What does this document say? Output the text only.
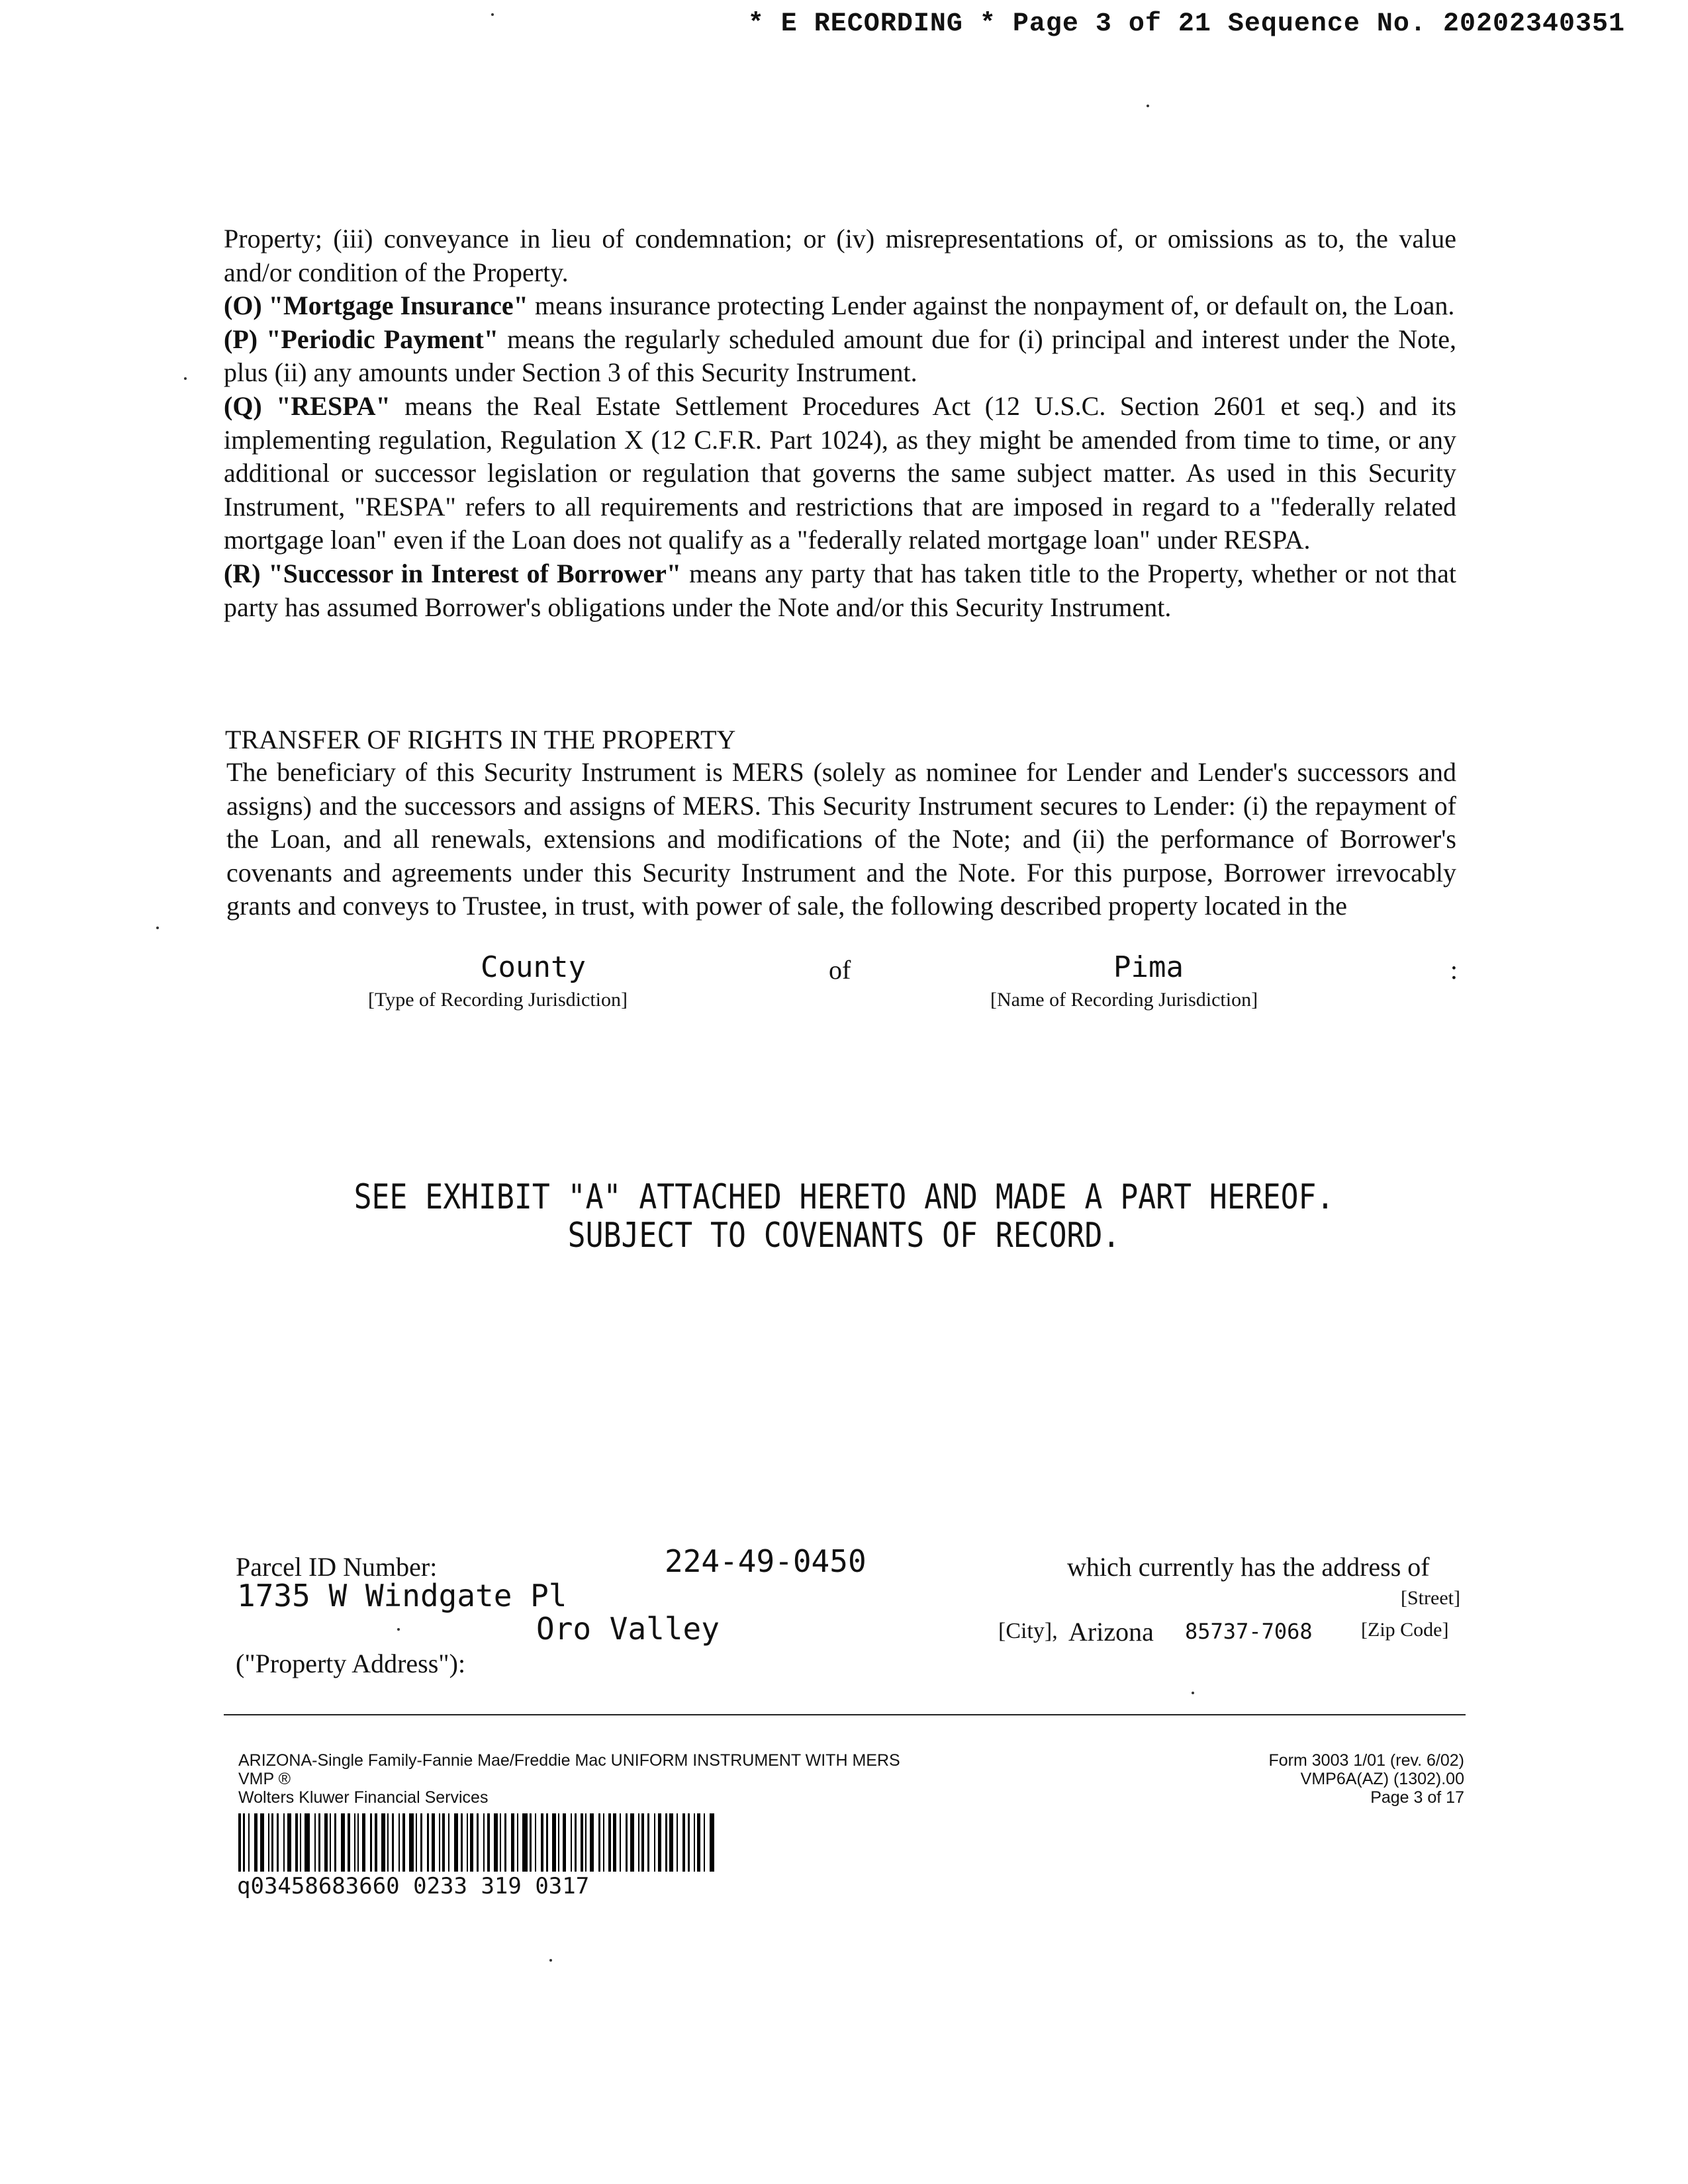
* E RECORDING * Page 3 of 21 Sequence No. 20202340351

Property; (iii) conveyance in lieu of condemnation; or (iv) misrepresentations of, or omissions as to, the value and/or condition of the Property.

(O) "Mortgage Insurance" means insurance protecting Lender against the nonpayment of, or default on, the Loan.

(P) "Periodic Payment" means the regularly scheduled amount due for (i) principal and interest under the Note, plus (ii) any amounts under Section 3 of this Security Instrument.

(Q) "RESPA" means the Real Estate Settlement Procedures Act (12 U.S.C. Section 2601 et seq.) and its implementing regulation, Regulation X (12 C.F.R. Part 1024), as they might be amended from time to time, or any additional or successor legislation or regulation that governs the same subject matter. As used in this Security Instrument, "RESPA" refers to all requirements and restrictions that are imposed in regard to a "federally related mortgage loan" even if the Loan does not qualify as a "federally related mortgage loan" under RESPA.

(R) "Successor in Interest of Borrower" means any party that has taken title to the Property, whether or not that party has assumed Borrower's obligations under the Note and/or this Security Instrument.

TRANSFER OF RIGHTS IN THE PROPERTY
The beneficiary of this Security Instrument is MERS (solely as nominee for Lender and Lender's successors and assigns) and the successors and assigns of MERS. This Security Instrument secures to Lender: (i) the repayment of the Loan, and all renewals, extensions and modifications of the Note; and (ii) the performance of Borrower's covenants and agreements under this Security Instrument and the Note. For this purpose, Borrower irrevocably grants and conveys to Trustee, in trust, with power of sale, the following described property located in the
County	of	Pima	:
[Type of Recording Jurisdiction]	[Name of Recording Jurisdiction]
SEE EXHIBIT "A" ATTACHED HERETO AND MADE A PART HEREOF.
SUBJECT TO COVENANTS OF RECORD.
Parcel ID Number:	224-49-0450	which currently has the address of
1735 W Windgate Pl	[Street]
Oro Valley	[City], Arizona 85737-7068 [Zip Code]
("Property Address"):
ARIZONA-Single Family-Fannie Mae/Freddie Mac UNIFORM INSTRUMENT WITH MERS
VMP ®
Wolters Kluwer Financial Services
Form 3003 1/01 (rev. 6/02)
VMP6A(AZ) (1302).00
Page 3 of 17
q03458683660 0233 319 0317
